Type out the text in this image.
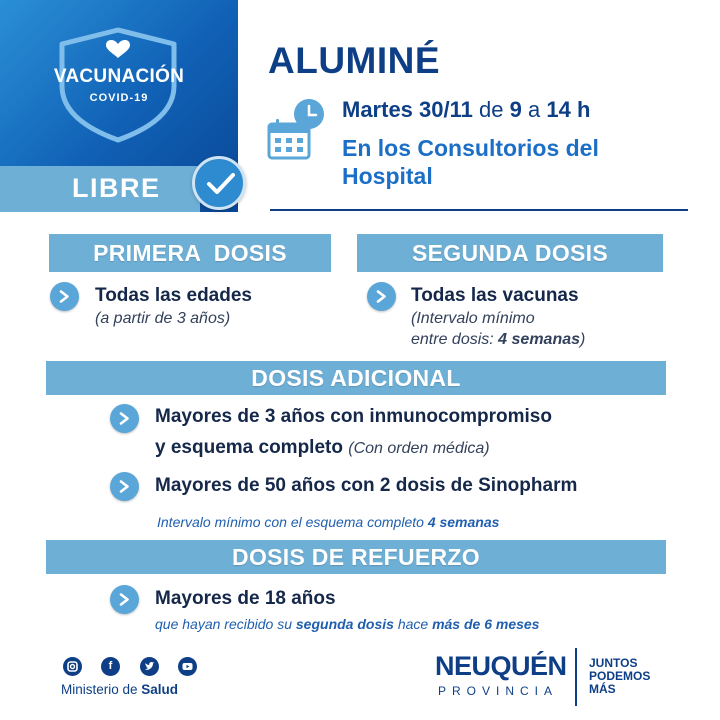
VACUNACIÓN
COVID-19
LIBRE
ALUMINÉ
Martes 30/11 de 9 a 14 h
En los Consultorios del
Hospital
PRIMERA  DOSIS
Todas las edades
(a partir de 3 años)
SEGUNDA DOSIS
Todas las vacunas
(Intervalo mínimo
entre dosis: 4 semanas)
DOSIS ADICIONAL
Mayores de 3 años con inmunocompromiso
y esquema completo (Con orden médica)
Mayores de 50 años con 2 dosis de Sinopharm
Intervalo mínimo con el esquema completo 4 semanas
DOSIS DE REFUERZO
Mayores de 18 años
que hayan recibido su segunda dosis hace más de 6 meses
f
Ministerio de Salud
NEUQUÉN
PROVINCIA
JUNTOS
PODEMOS
MÁS
